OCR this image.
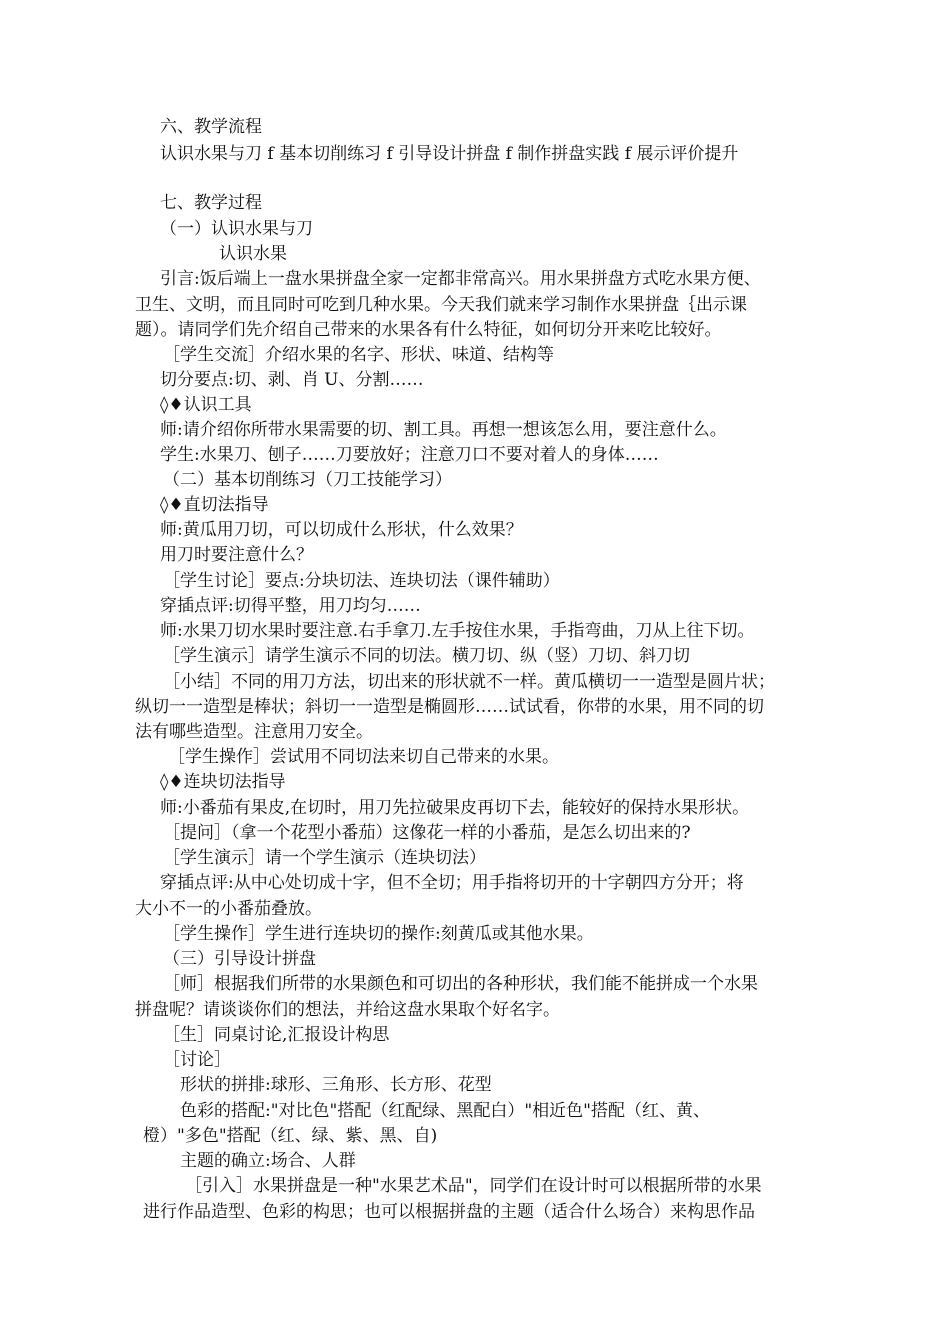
六、教学流程
认识水果与刀 f 基本切削练习 f 引导设计拼盘 f 制作拼盘实践 f 展示评价提升
七、教学过程
（一）认识水果与刀
认识水果
引言:饭后端上一盘水果拼盘全家一定都非常高兴。用水果拼盘方式吃水果方便、
卫生、文明，而且同时可吃到几种水果。今天我们就来学习制作水果拼盘｛出示课
题）。请同学们先介绍自己带来的水果各有什么特征，如何切分开来吃比较好。
［学生交流］介绍水果的名字、形状、味道、结构等
切分要点:切、剥、肖 U、分割……
◊♦认识工具
师:请介绍你所带水果需要的切、割工具。再想一想该怎么用，要注意什么。
学生:水果刀、刨子……刀要放好；注意刀口不要对着人的身体……
（二）基本切削练习（刀工技能学习）
◊♦直切法指导
师:黄瓜用刀切，可以切成什么形状，什么效果？
用刀时要注意什么？
［学生讨论］要点:分块切法、连块切法（课件辅助）
穿插点评:切得平整，用刀均匀……
师:水果刀切水果时要注意.右手拿刀.左手按住水果，手指弯曲，刀从上往下切。
［学生演示］请学生演示不同的切法。横刀切、纵（竖）刀切、斜刀切
［小结］不同的用刀方法，切出来的形状就不一样。黄瓜横切一一造型是圆片状；
纵切一一造型是棒状；斜切一一造型是椭圆形……试试看，你带的水果，用不同的切
法有哪些造型。注意用刀安全。
［学生操作］尝试用不同切法来切自己带来的水果。
◊♦连块切法指导
师:小番茄有果皮,在切时，用刀先拉破果皮再切下去，能较好的保持水果形状。
［提问］（拿一个花型小番茄）这像花一样的小番茄，是怎么切出来的?
［学生演示］请一个学生演示（连块切法）
穿插点评:从中心处切成十字，但不全切；用手指将切开的十字朝四方分开；将
大小不一的小番茄叠放。
［学生操作］学生进行连块切的操作:刻黄瓜或其他水果。
（三）引导设计拼盘
［师］根据我们所带的水果颜色和可切出的各种形状，我们能不能拼成一个水果
拼盘呢？请谈谈你们的想法，并给这盘水果取个好名字。
［生］同桌讨论,汇报设计构思
［讨论］
形状的拼排:球形、三角形、长方形、花型
色彩的搭配:"对比色"搭配（红配绿、黑配白）"相近色"搭配（红、黄、
橙）"多色"搭配（红、绿、紫、黑、自)
主题的确立:场合、人群
［引入］水果拼盘是一种"水果艺术品"，同学们在设计时可以根据所带的水果
进行作品造型、色彩的构思；也可以根据拼盘的主题（适合什么场合）来构思作品
